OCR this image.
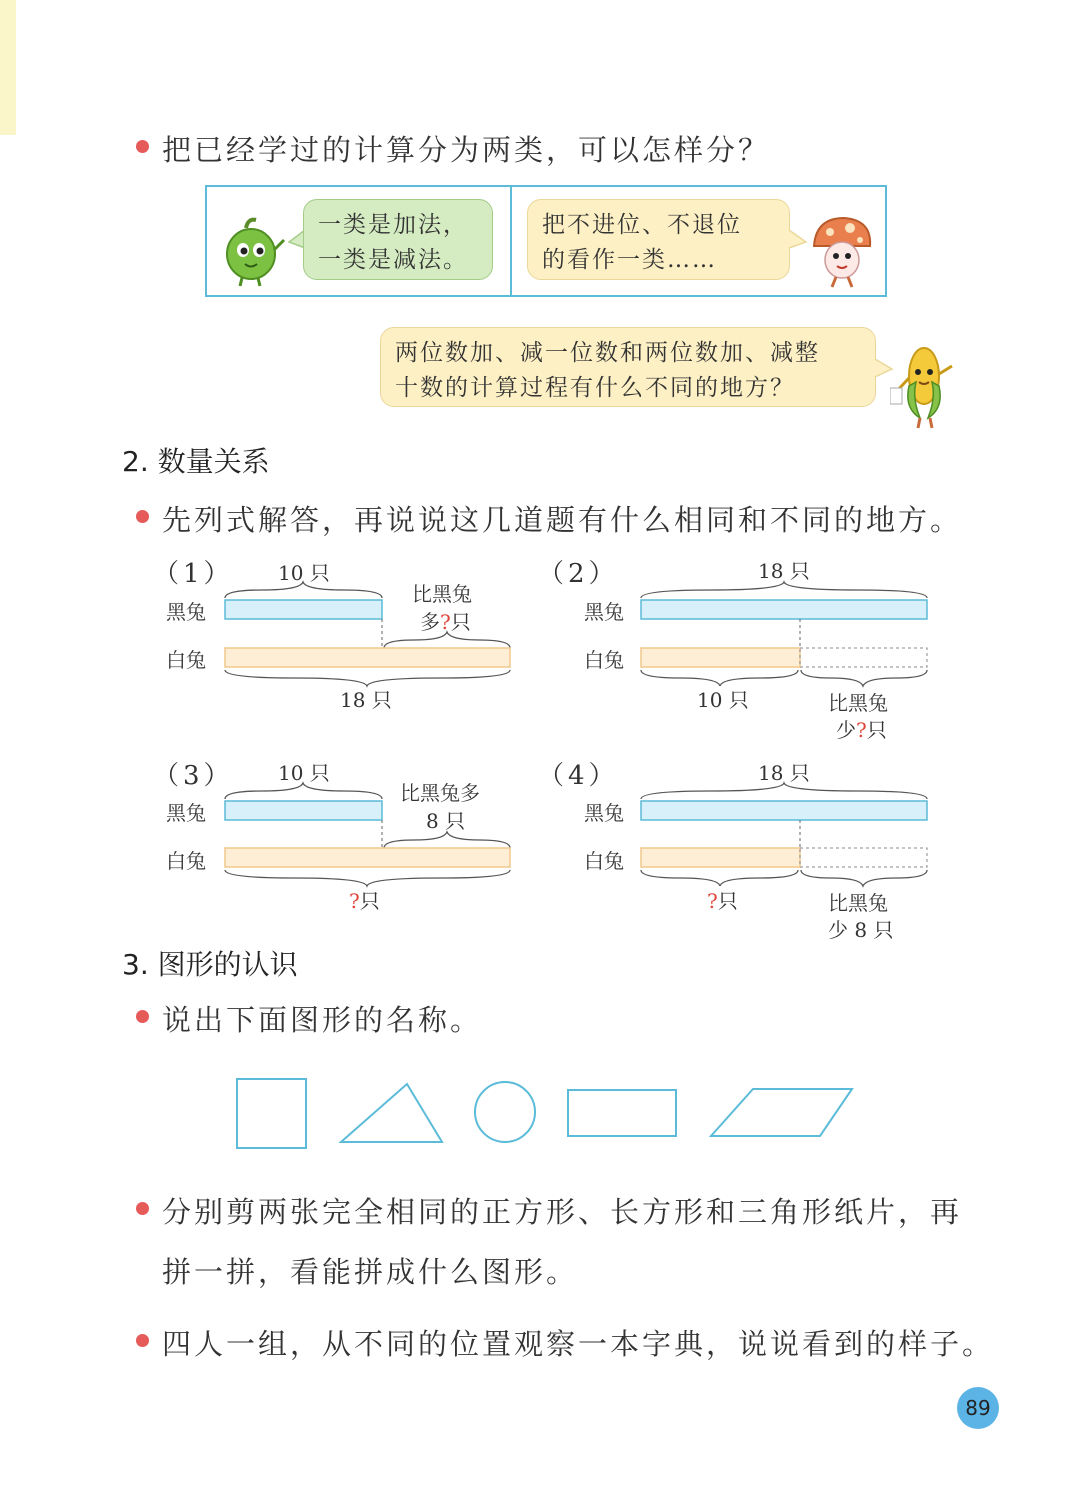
把已经学过的计算分为两类，可以怎样分？
一类是加法，
一类是减法。
把不进位、不退位
的看作一类……
两位数加、减一位数和两位数加、减整
十数的计算过程有什么不同的地方？
2. 数量关系
先列式解答，再说说这几道题有什么相同和不同的地方。
（1） 10 只
黑兔
白兔
比黑兔
多?只
18 只
（2）	18 只
黑兔
白兔
10 只	比黑兔
少?只
（3） 10 只
黑兔
白兔
比黑兔多
8 只
?只
（4）	18 只
黑兔
白兔
?只	比黑兔
少 8 只
3. 图形的认识
说出下面图形的名称。
分别剪两张完全相同的正方形、长方形和三角形纸片，再
拼一拼，看能拼成什么图形。
四人一组，从不同的位置观察一本字典，说说看到的样子。
89
